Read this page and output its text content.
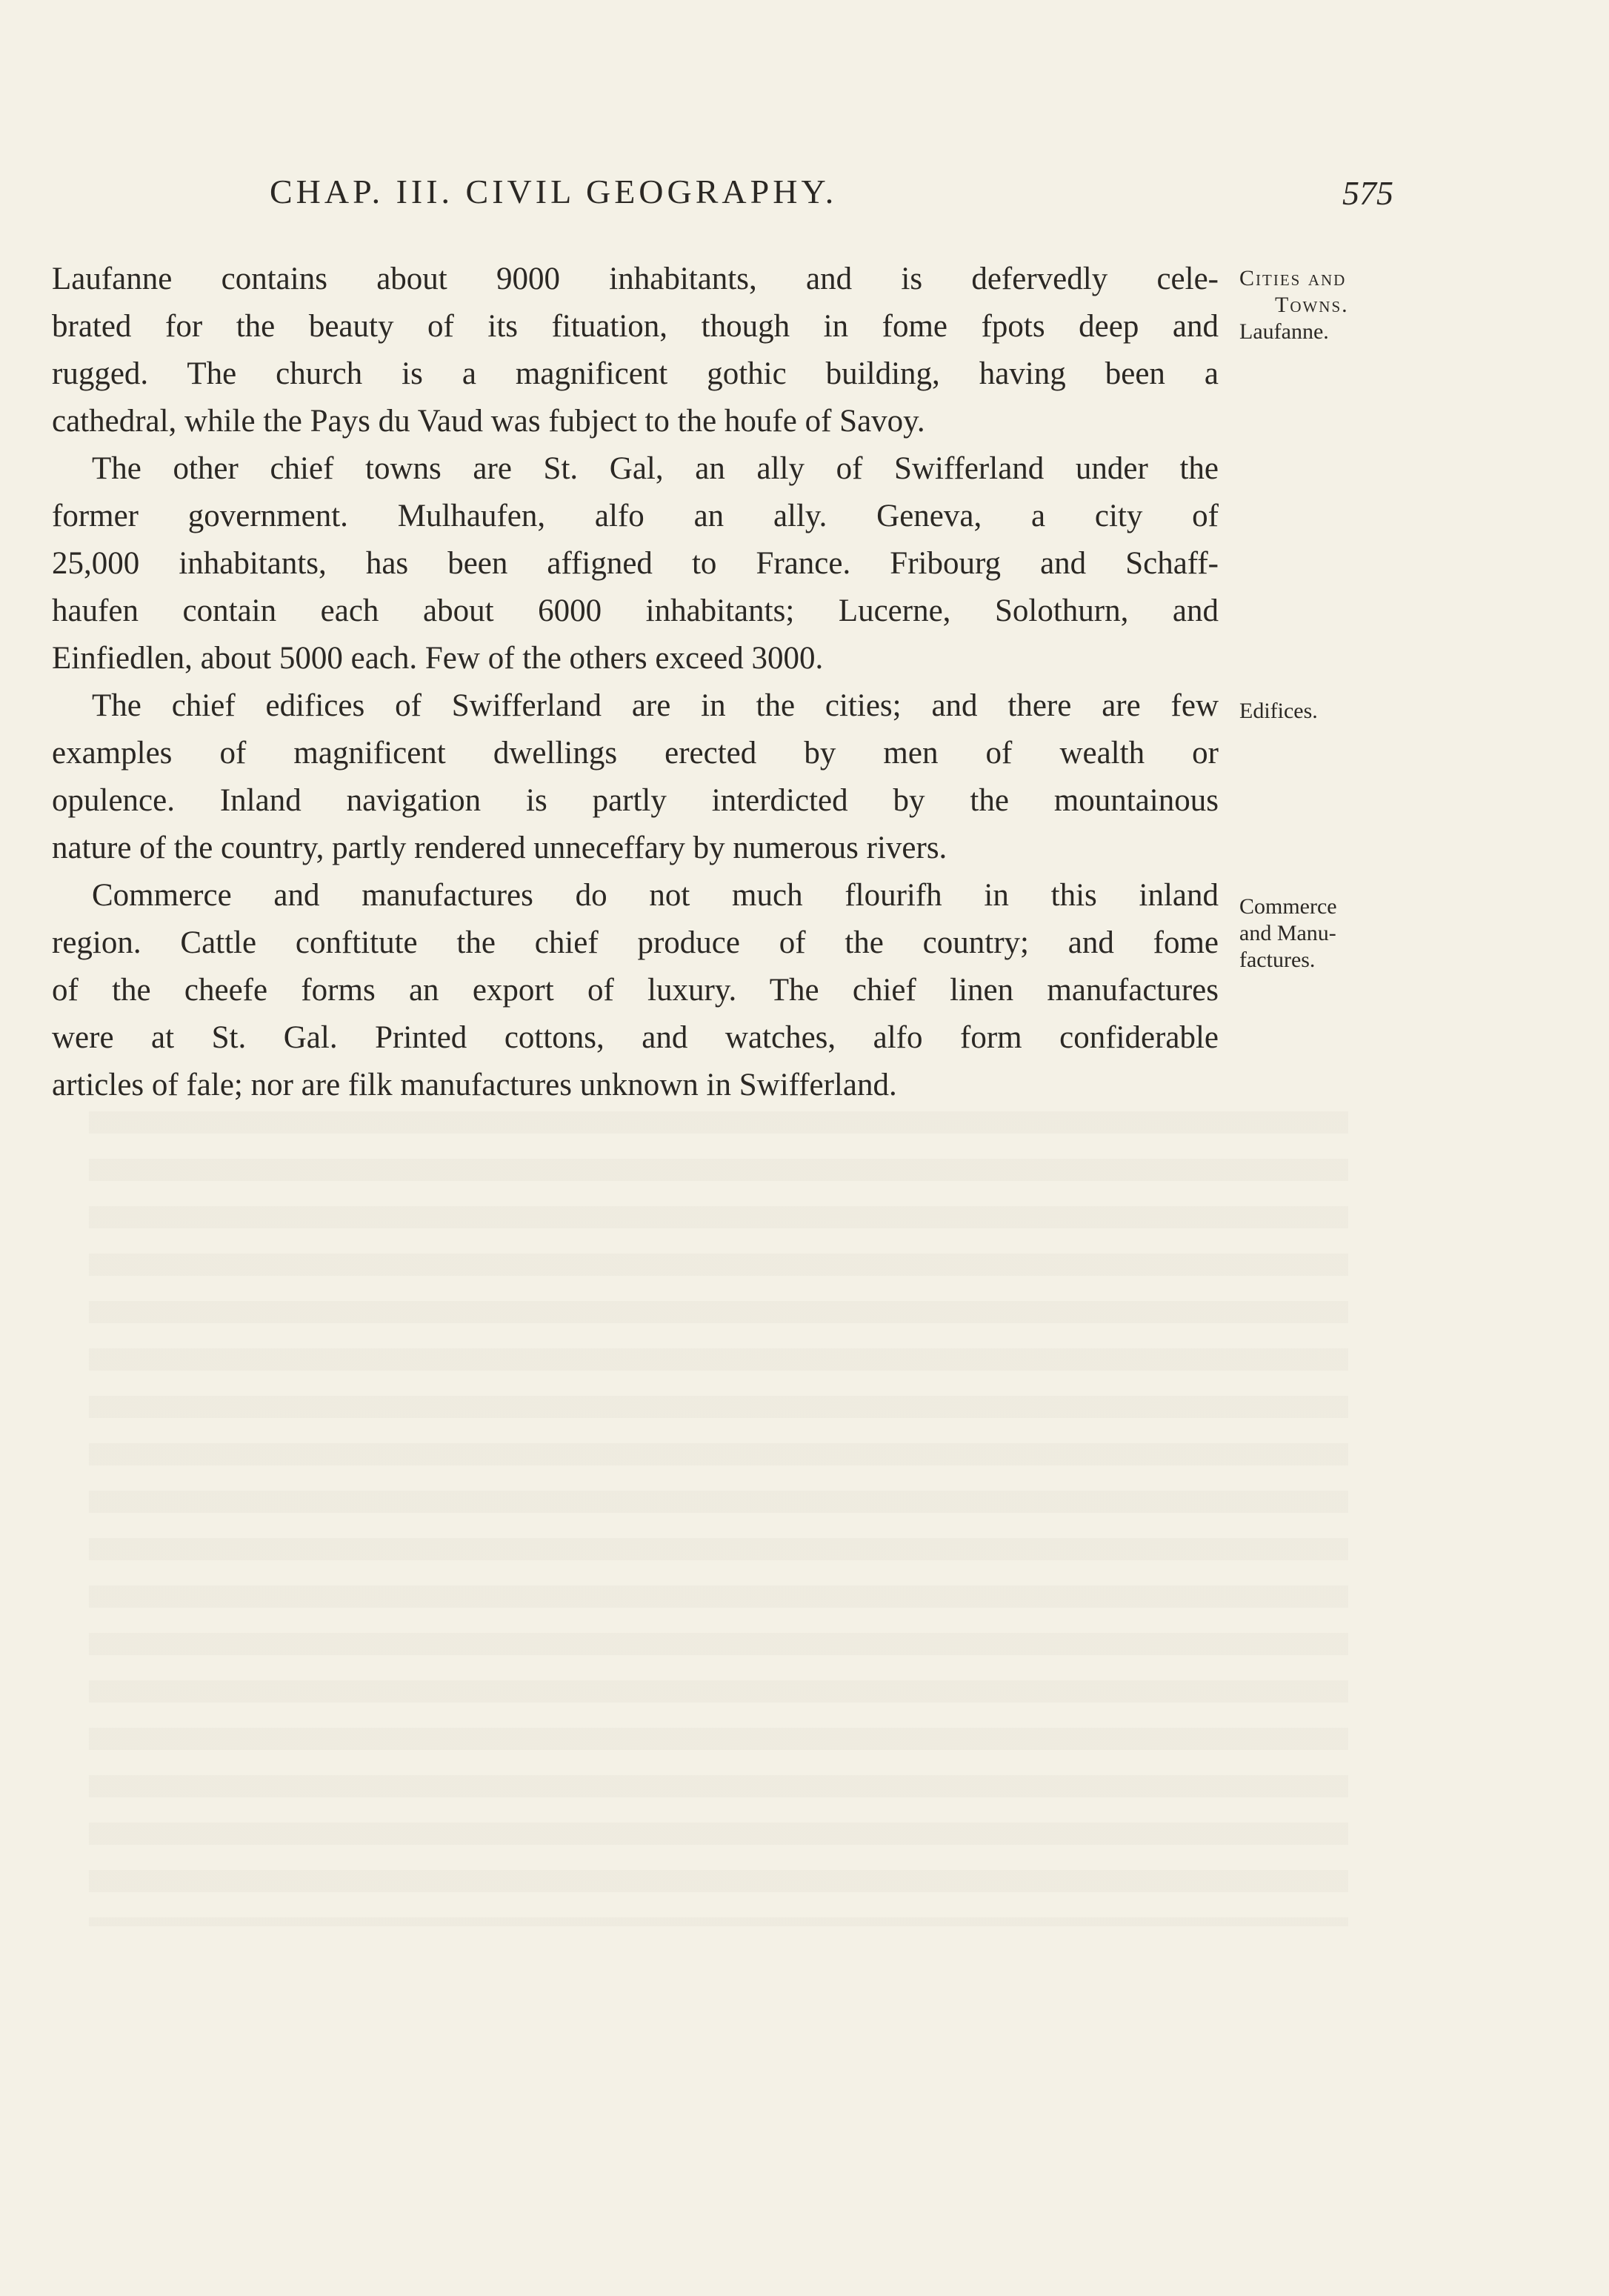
CHAP. III. CIVIL GEOGRAPHY.	575
Laufanne contains about 9000 inhabitants, and is defervedly cele-
brated for the beauty of its fituation, though in fome fpots deep and
rugged. The church is a magnificent gothic building, having been a
cathedral, while the Pays du Vaud was fubject to the houfe of Savoy.
The other chief towns are St. Gal, an ally of Swifferland under the
former government. Mulhaufen, alfo an ally. Geneva, a city of
25,000 inhabitants, has been affigned to France. Fribourg and Schaff-
haufen contain each about 6000 inhabitants; Lucerne, Solothurn, and
Einfiedlen, about 5000 each. Few of the others exceed 3000.
The chief edifices of Swifferland are in the cities; and there are few
examples of magnificent dwellings erected by men of wealth or
opulence. Inland navigation is partly interdicted by the mountainous
nature of the country, partly rendered unneceffary by numerous rivers.
Commerce and manufactures do not much flourifh in this inland
region. Cattle conftitute the chief produce of the country; and fome
of the cheefe forms an export of luxury. The chief linen manufactures
were at St. Gal. Printed cottons, and watches, alfo form confiderable
articles of fale; nor are filk manufactures unknown in Swifferland.
Cities and
Towns.
Laufanne.
Edifices.
Commerce
and Manu-
factures.
